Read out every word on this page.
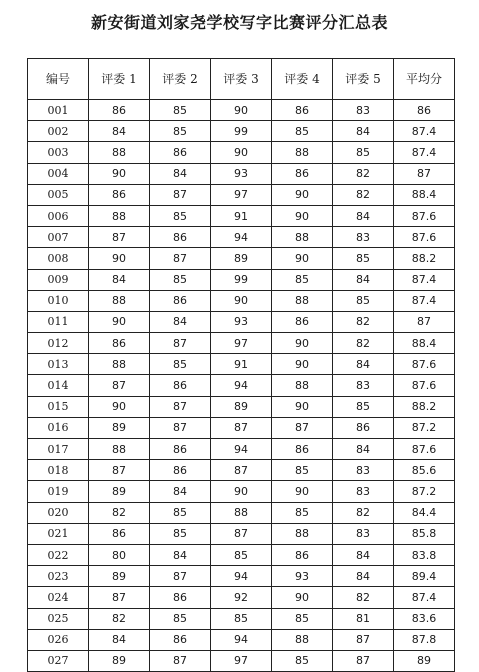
新安街道刘家尧学校写字比赛评分汇总表
编号	评委 1	评委 2	评委 3	评委 4	评委 5	平均分
001	86	85	90	86	83	86
002	84	85	99	85	84	87.4
003	88	86	90	88	85	87.4
004	90	84	93	86	82	87
005	86	87	97	90	82	88.4
006	88	85	91	90	84	87.6
007	87	86	94	88	83	87.6
008	90	87	89	90	85	88.2
009	84	85	99	85	84	87.4
010	88	86	90	88	85	87.4
011	90	84	93	86	82	87
012	86	87	97	90	82	88.4
013	88	85	91	90	84	87.6
014	87	86	94	88	83	87.6
015	90	87	89	90	85	88.2
016	89	87	87	87	86	87.2
017	88	86	94	86	84	87.6
018	87	86	87	85	83	85.6
019	89	84	90	90	83	87.2
020	82	85	88	85	82	84.4
021	86	85	87	88	83	85.8
022	80	84	85	86	84	83.8
023	89	87	94	93	84	89.4
024	87	86	92	90	82	87.4
025	82	85	85	85	81	83.6
026	84	86	94	88	87	87.8
027	89	87	97	85	87	89
